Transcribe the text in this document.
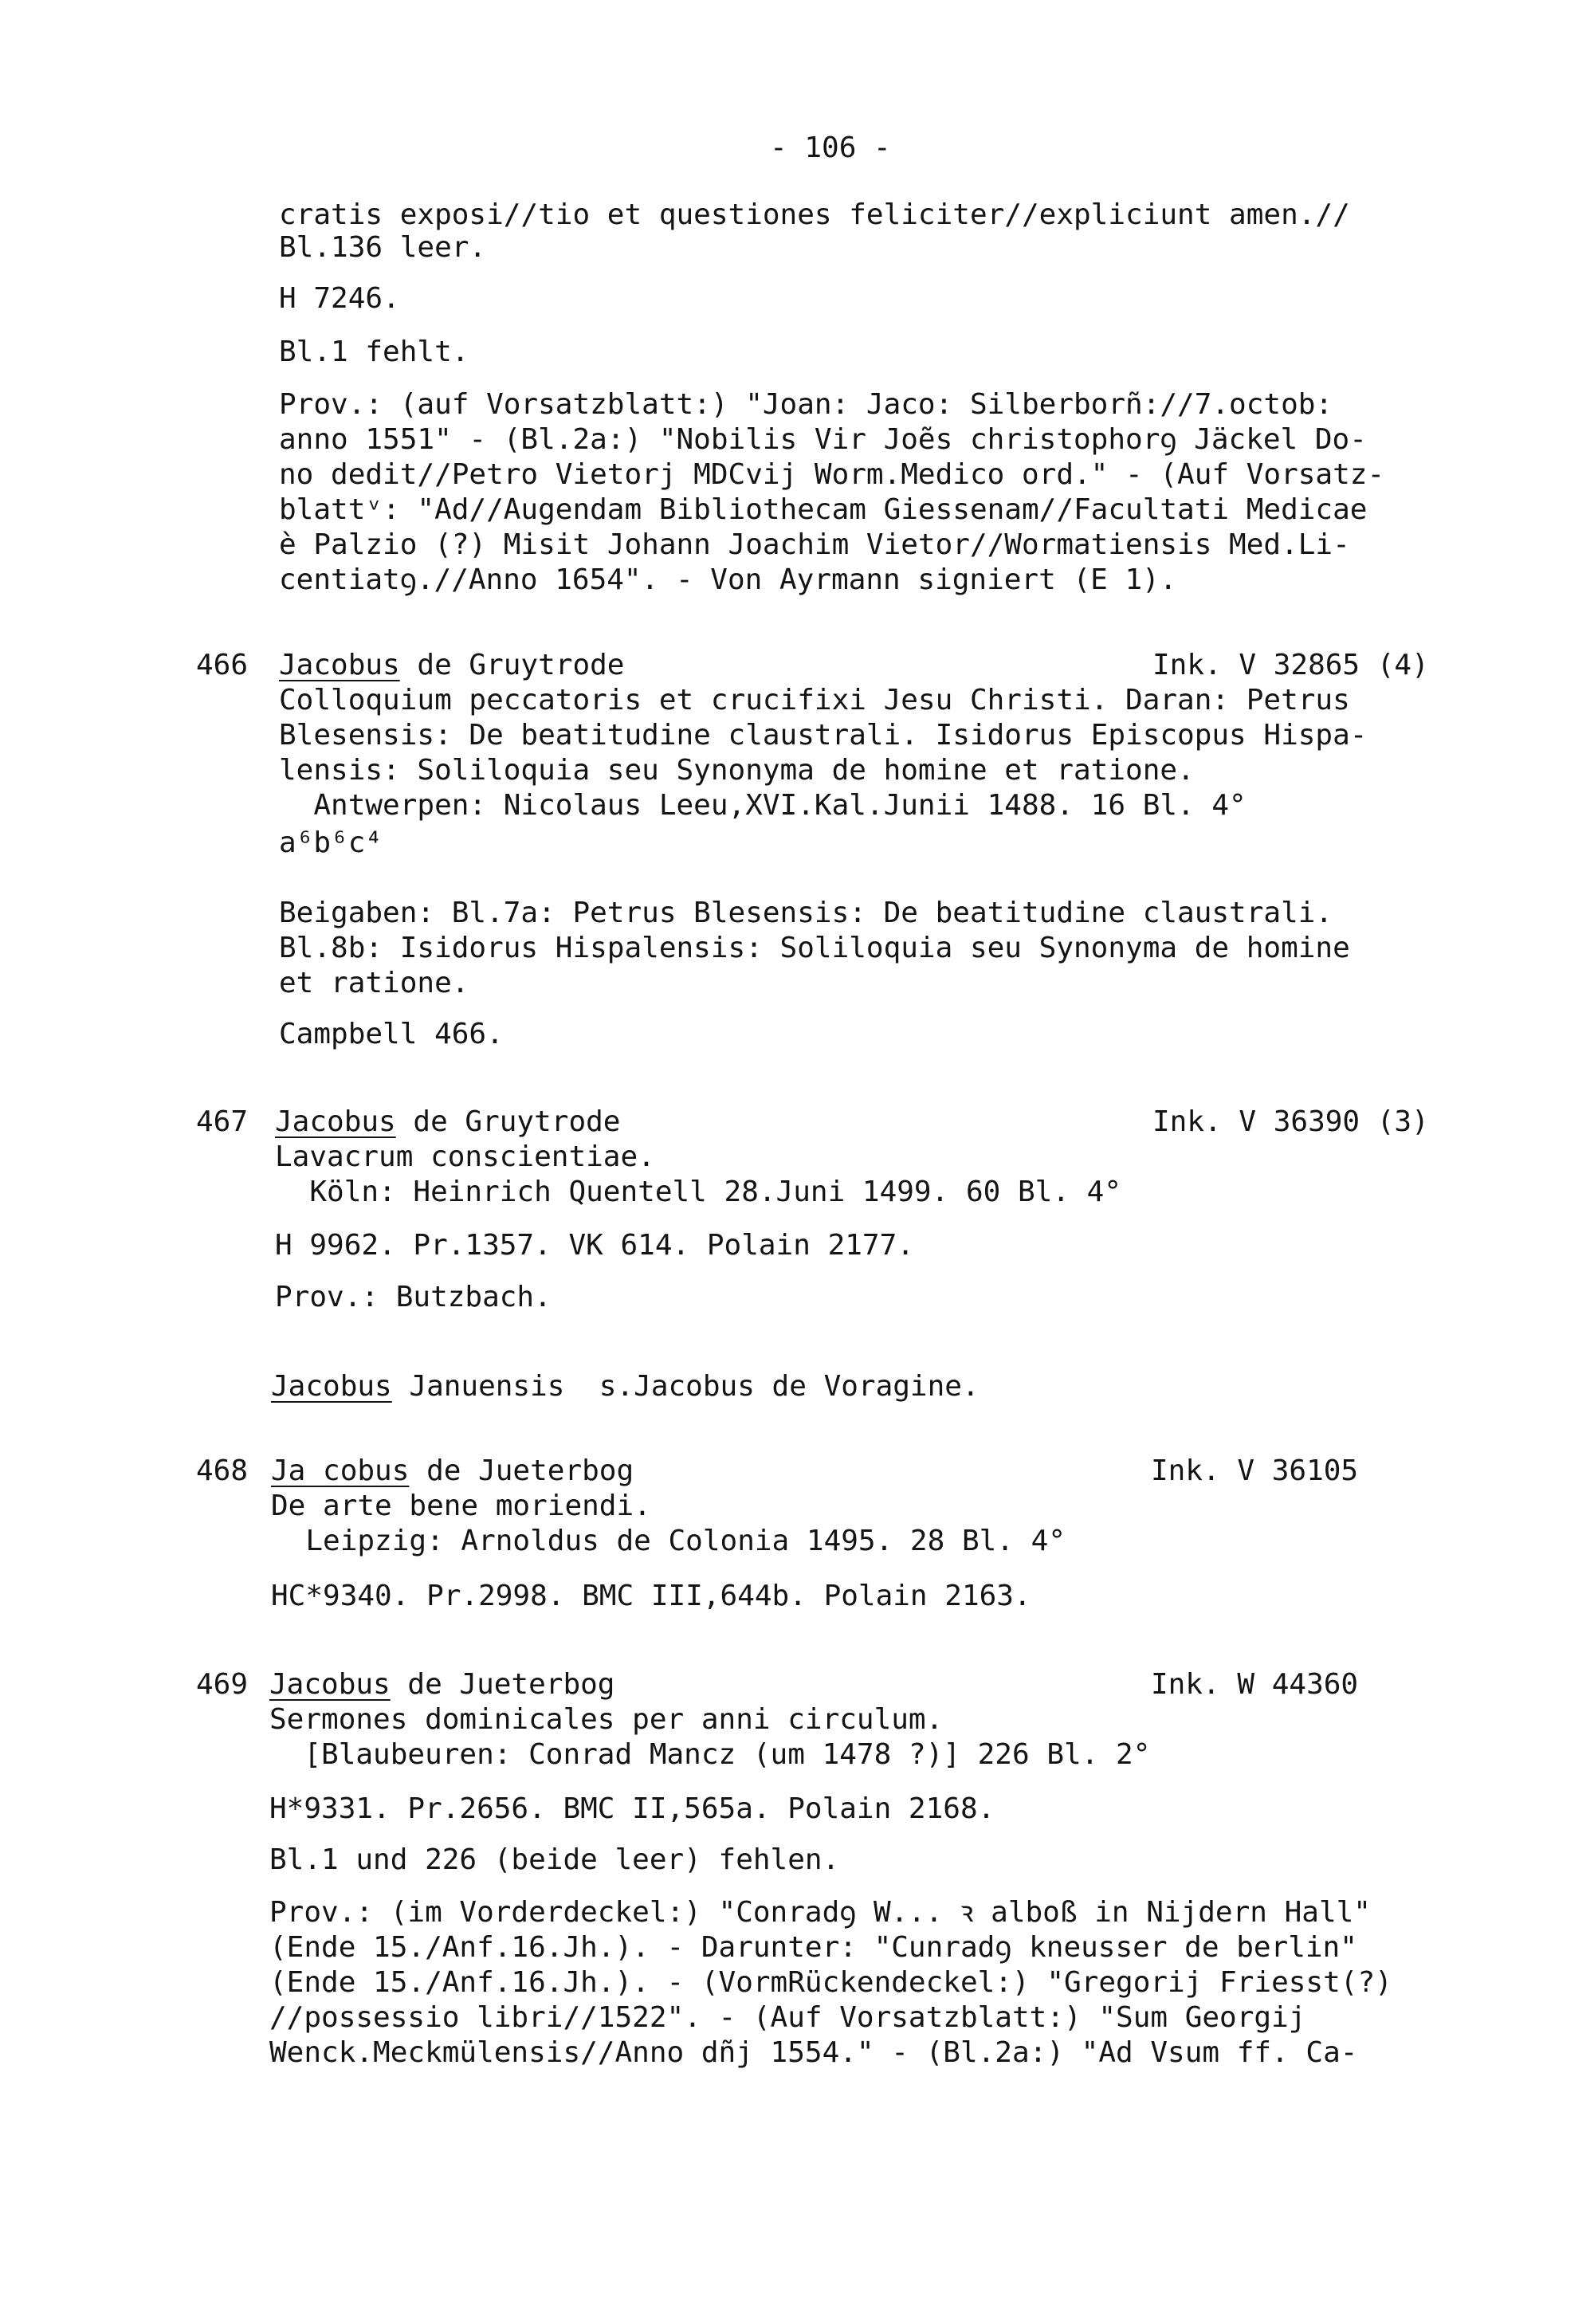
- 106 -
cratis exposi//tio et questiones feliciter//expliciunt amen.//
Bl.136 leer.
H 7246.
Bl.1 fehlt.
Prov.: (auf Vorsatzblatt:) "Joan: Jaco: Silberborñ://7.octob:
anno 1551" - (Bl.2a:) "Nobilis Vir Joẽs christophorꝯ Jäckel Do-
no dedit//Petro Vietorj MDCvij Worm.Medico ord." - (Auf Vorsatz-
blattᵛ: "Ad//Augendam Bibliothecam Giessenam//Facultati Medicae
è Palzio (?) Misit Johann Joachim Vietor//Wormatiensis Med.Li-
centiatꝯ.//Anno 1654". - Von Ayrmann signiert (E 1).
466 Jacobus de Gruytrode	Ink. V 32865 (4)
Colloquium peccatoris et crucifixi Jesu Christi. Daran: Petrus
Blesensis: De beatitudine claustrali. Isidorus Episcopus Hispa-
lensis: Soliloquia seu Synonyma de homine et ratione.
Antwerpen: Nicolaus Leeu,XVI.Kal.Junii 1488. 16 Bl. 4°
a⁶b⁶c⁴
Beigaben: Bl.7a: Petrus Blesensis: De beatitudine claustrali.
Bl.8b: Isidorus Hispalensis: Soliloquia seu Synonyma de homine
et ratione.
Campbell 466.
467 Jacobus de Gruytrode	Ink. V 36390 (3)
Lavacrum conscientiae.
Köln: Heinrich Quentell 28.Juni 1499. 60 Bl. 4°
H 9962. Pr.1357. VK 614. Polain 2177.
Prov.: Butzbach.
Jacobus Januensis  s.Jacobus de Voragine.
468 Ja cobus de Jueterbog	Ink. V 36105
De arte bene moriendi.
Leipzig: Arnoldus de Colonia 1495. 28 Bl. 4°
HC*9340. Pr.2998. BMC III,644b. Polain 2163.
469 Jacobus de Jueterbog	Ink. W 44360
Sermones dominicales per anni circulum.
[Blaubeuren: Conrad Mancz (um 1478 ?)] 226 Bl. 2°
H*9331. Pr.2656. BMC II,565a. Polain 2168.
Bl.1 und 226 (beide leer) fehlen.
Prov.: (im Vorderdeckel:) "Conradꝯ W... ꝛ alboß in Nijdern Hall"
(Ende 15./Anf.16.Jh.). - Darunter: "Cunradꝯ kneusser de berlin"
(Ende 15./Anf.16.Jh.). - (VormRückendeckel:) "Gregorij Friesst(?)
//possessio libri//1522". - (Auf Vorsatzblatt:) "Sum Georgij
Wenck.Meckmülensis//Anno dñj 1554." - (Bl.2a:) "Ad Vsum ff. Ca-
